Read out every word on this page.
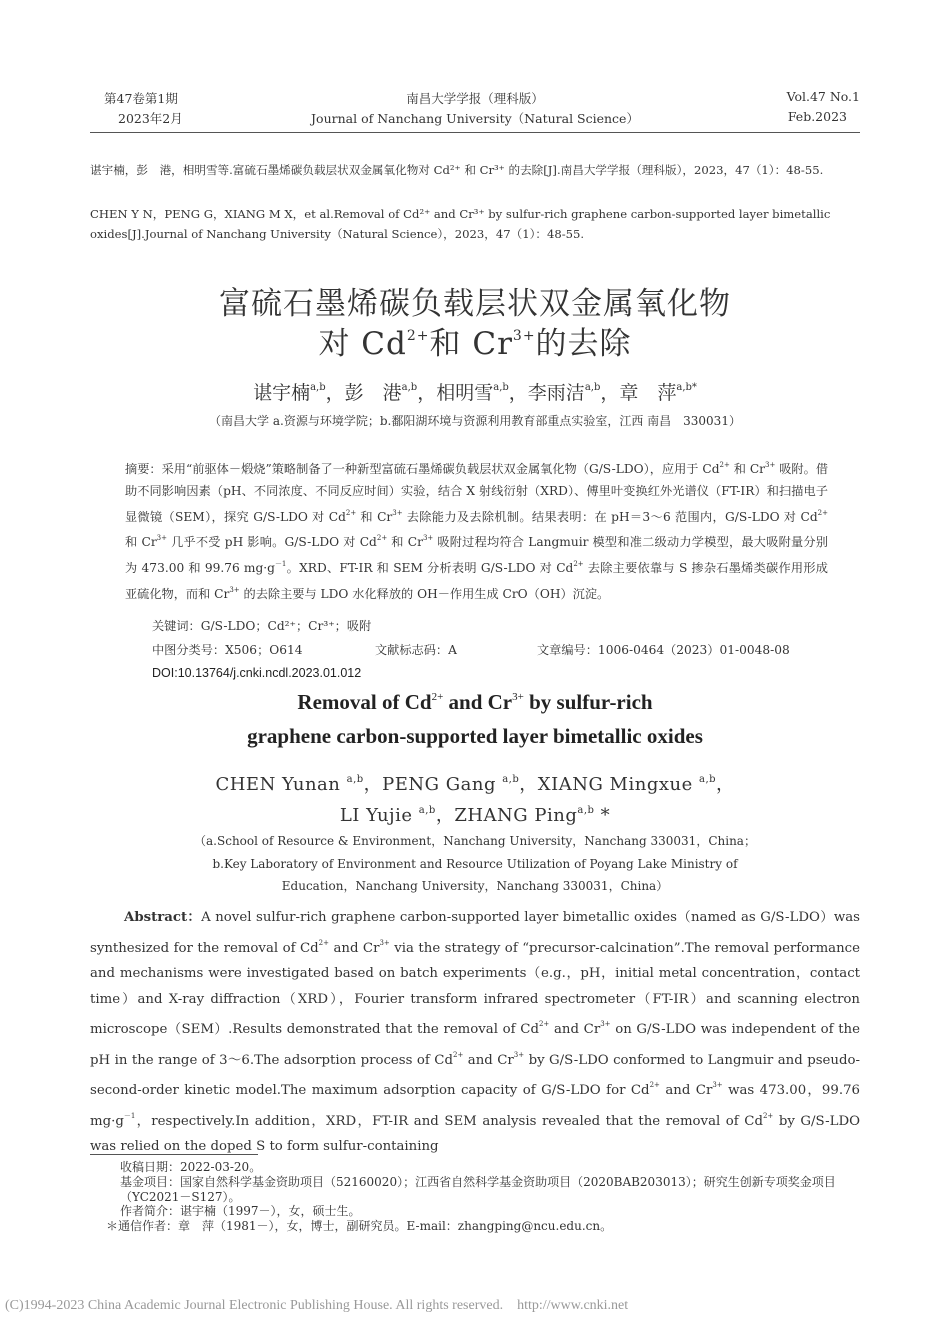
第47卷第1期
2023年2月
南昌大学学报（理科版）
Journal of Nanchang University（Natural Science）
Vol.47 No.1
Feb.2023
谌宇楠，彭　港，相明雪等.富硫石墨烯碳负载层状双金属氧化物对 Cd²⁺ 和 Cr³⁺ 的去除[J].南昌大学学报（理科版），2023，47（1）：48-55.
CHEN Y N，PENG G，XIANG M X，et al.Removal of Cd²⁺ and Cr³⁺ by sulfur-rich graphene carbon-supported layer bimetallic oxides[J].Journal of Nanchang University（Natural Science），2023，47（1）：48-55.
富硫石墨烯碳负载层状双金属氧化物
对 $Cd^{2+}$和 $Cr^{3+}$的去除
谌宇楠$^{a,b}$，彭　港$^{a,b}$，相明雪$^{a,b}$，李雨洁$^{a,b}$，章　萍$^{a,b*}$
（南昌大学 a.资源与环境学院；b.鄱阳湖环境与资源利用教育部重点实验室，江西 南昌　330031）
摘要：采用“前驱体－煅烧”策略制备了一种新型富硫石墨烯碳负载层状双金属氧化物（G/S-LDO），应用于 $Cd^{2+}$ 和 $Cr^{3+}$ 吸附。借助不同影响因素（pH、不同浓度、不同反应时间）实验，结合 X 射线衍射（XRD）、傅里叶变换红外光谱仪（FT-IR）和扫描电子显微镜（SEM），探究 G/S-LDO 对 $Cd^{2+}$ 和 $Cr^{3+}$ 去除能力及去除机制。结果表明：在 pH＝3～6 范围内，G/S-LDO 对 $Cd^{2+}$ 和 $Cr^{3+}$ 几乎不受 pH 影响。G/S-LDO 对 $Cd^{2+}$ 和 $Cr^{3+}$ 吸附过程均符合 Langmuir 模型和准二级动力学模型，最大吸附量分别为 473.00 和 99.76 $mg\cdot g^{-1}$。XRD、FT-IR 和 SEM 分析表明 G/S-LDO 对 $Cd^{2+}$ 去除主要依靠与 S 掺杂石墨烯类碳作用形成亚硫化物，而和 $Cr^{3+}$ 的去除主要与 LDO 水化释放的 OH－作用生成 CrO（OH）沉淀。
关键词：G/S-LDO；Cd²⁺；Cr³⁺；吸附
中图分类号：X506；O614	文献标志码：A	文章编号：1006-0464（2023）01-0048-08
DOI:10.13764/j.cnki.ncdl.2023.01.012
Removal of $Cd^{2+}$ and $Cr^{3+}$ by sulfur-rich
graphene carbon-supported layer bimetallic oxides
CHEN Yunan $^{a,b}$，PENG Gang $^{a,b}$，XIANG Mingxue $^{a,b}$，
LI Yujie $^{a,b}$，ZHANG Ping$^{a,b}$ *
（a.School of Resource & Environment，Nanchang University，Nanchang 330031，China；
b.Key Laboratory of Environment and Resource Utilization of Poyang Lake Ministry of
Education，Nanchang University，Nanchang 330031，China）
Abstract：A novel sulfur-rich graphene carbon-supported layer bimetallic oxides（named as G/S-LDO）was synthesized for the removal of $Cd^{2+}$ and $Cr^{3+}$ via the strategy of “precursor-calcination”.The removal performance and mechanisms were investigated based on batch experiments（e.g.，pH，initial metal concentration，contact time）and X-ray diffraction（XRD），Fourier transform infrared spectrometer（FT-IR）and scanning electron microscope（SEM）.Results demonstrated that the removal of $Cd^{2+}$ and $Cr^{3+}$ on G/S-LDO was independent of the pH in the range of 3～6.The adsorption process of $Cd^{2+}$ and $Cr^{3+}$ by G/S-LDO conformed to Langmuir and pseudo-second-order kinetic model.The maximum adsorption capacity of G/S-LDO for $Cd^{2+}$ and $Cr^{3+}$ was 473.00，99.76 $mg\cdot g^{-1}$，respectively.In addition，XRD，FT-IR and SEM analysis revealed that the removal of $Cd^{2+}$ by G/S-LDO was relied on the doped S to form sulfur-containing
收稿日期：2022-03-20。
基金项目：国家自然科学基金资助项目（52160020）；江西省自然科学基金资助项目（2020BAB203013）；研究生创新专项奖金项目（YC2021－S127）。
作者简介：谌宇楠（1997－），女，硕士生。
＊通信作者：章　萍（1981－），女，博士，副研究员。E-mail：zhangping@ncu.edu.cn。
(C)1994-2023 China Academic Journal Electronic Publishing House. All rights reserved.    http://www.cnki.net
